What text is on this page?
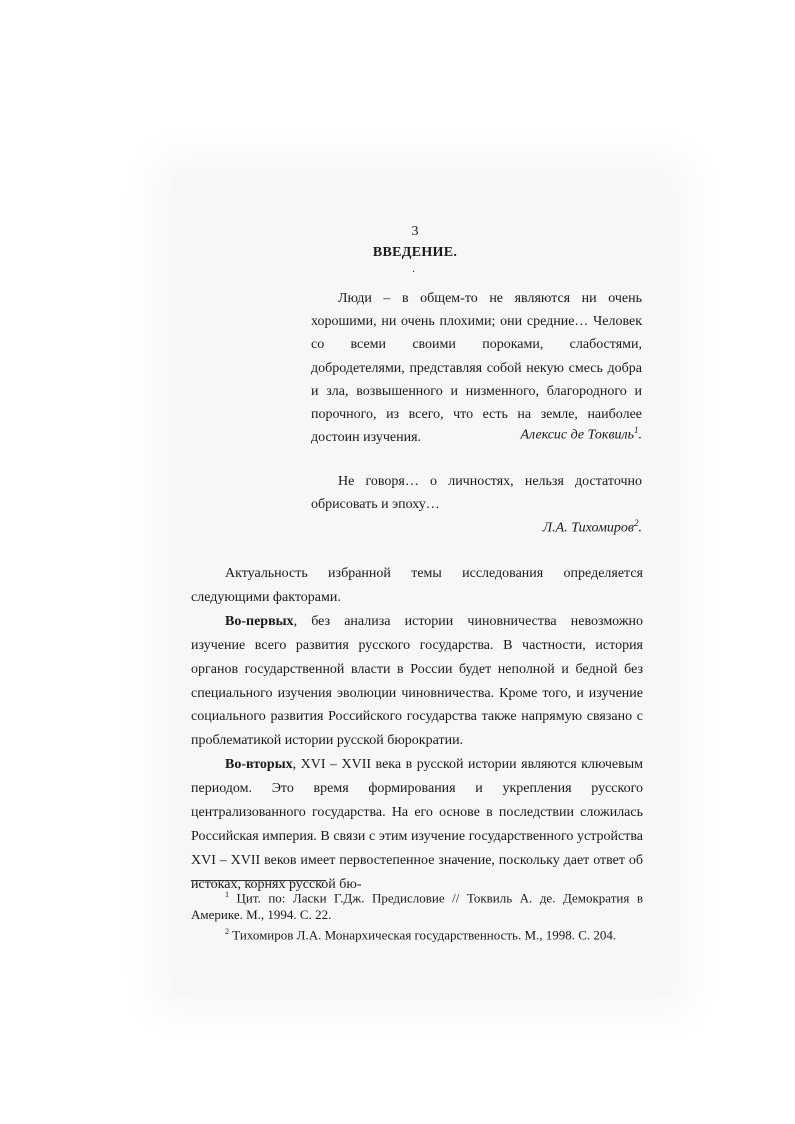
3
ВВЕДЕНИЕ.
·

Люди – в общем-то не являются ни очень хорошими, ни очень плохими; они средние… Человек со всеми своими пороками, слабостями, добродетелями, представляя собой некую смесь добра и зла, возвышенного и низменного, благородного и порочного, из всего, что есть на земле, наиболее достоин изучения.	Алексис де Токвиль$^1$.

Не говоря… о личностях, нельзя достаточно обрисовать и эпоху…

Л.А. Тихомиров$^2$.

Актуальность избранной темы исследования определяется следующими факторами.

Во-первых, без анализа истории чиновничества невозможно изучение всего развития русского государства. В частности, история органов государственной власти в России будет неполной и бедной без специального изучения эволюции чиновничества. Кроме того, и изучение социального развития Российского государства также напрямую связано с проблематикой истории русской бюрократии.

Во-вторых, XVI – XVII века в русской истории являются ключевым периодом. Это время формирования и укрепления русского централизованного государства. На его основе в последствии сложилась Российская империя. В связи с этим изучение государственного устройства XVI – XVII веков имеет первостепенное значение, поскольку дает ответ об истоках, корнях русской бю-

$^1$ Цит. по: Ласки Г.Дж. Предисловие // Токвиль А. де. Демократия в Америке. М., 1994. С. 22.

$^2$ Тихомиров Л.А. Монархическая государственность. М., 1998. С. 204.
